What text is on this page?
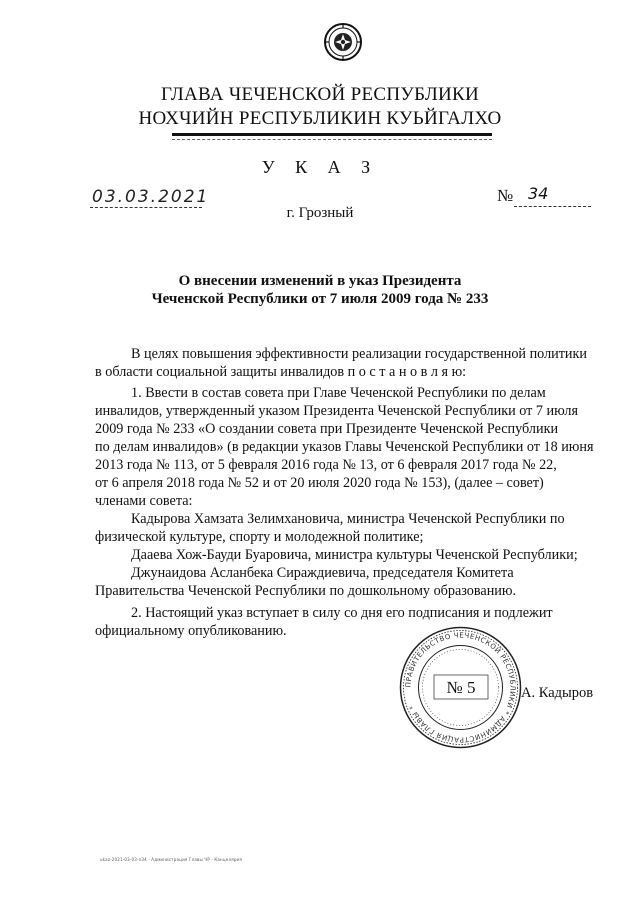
ГЛАВА ЧЕЧЕНСКОЙ РЕСПУБЛИКИ
НОХЧИЙН РЕСПУБЛИКИН КУЬЙГАЛХО
У К А З
03.03.2021	№ 34
г. Грозный
О внесении изменений в указ Президента
Чеченской Республики от 7 июля 2009 года № 233
В целях повышения эффективности реализации государственной политики
в области социальной защиты инвалидов п о с т а н о в л я ю:
1. Ввести в состав совета при Главе Чеченской Республики по делам
инвалидов, утвержденный указом Президента Чеченской Республики от 7 июля
2009 года № 233 «О создании совета при Президенте Чеченской Республики
по делам инвалидов» (в редакции указов Главы Чеченской Республики от 18 июня
2013 года № 113, от 5 февраля 2016 года № 13, от 6 февраля 2017 года № 22,
от 6 апреля 2018 года № 52 и от 20 июля 2020 года № 153), (далее – совет)
членами совета:
Кадырова Хамзата Зелимхановича, министра Чеченской Республики по
физической культуре, спорту и молодежной политике;
Дааева Хож-Бауди Буаровича, министра культуры Чеченской Республики;
Джунаидова Асланбека Сираждиевича, председателя Комитета
Правительства Чеченской Республики по дошкольному образованию.
2. Настоящий указ вступает в силу со дня его подписания и подлежит
официальному опубликованию.
ПРАВИТЕЛЬСТВО ЧЕЧЕНСКОЙ РЕСПУБЛИКИ * АДМИНИСТРАЦИЯ ГЛАВЫ *
№ 5	А. Кадыров
ukaz-2021-03-03-n34 · Администрация Главы ЧР · Канцелярия
